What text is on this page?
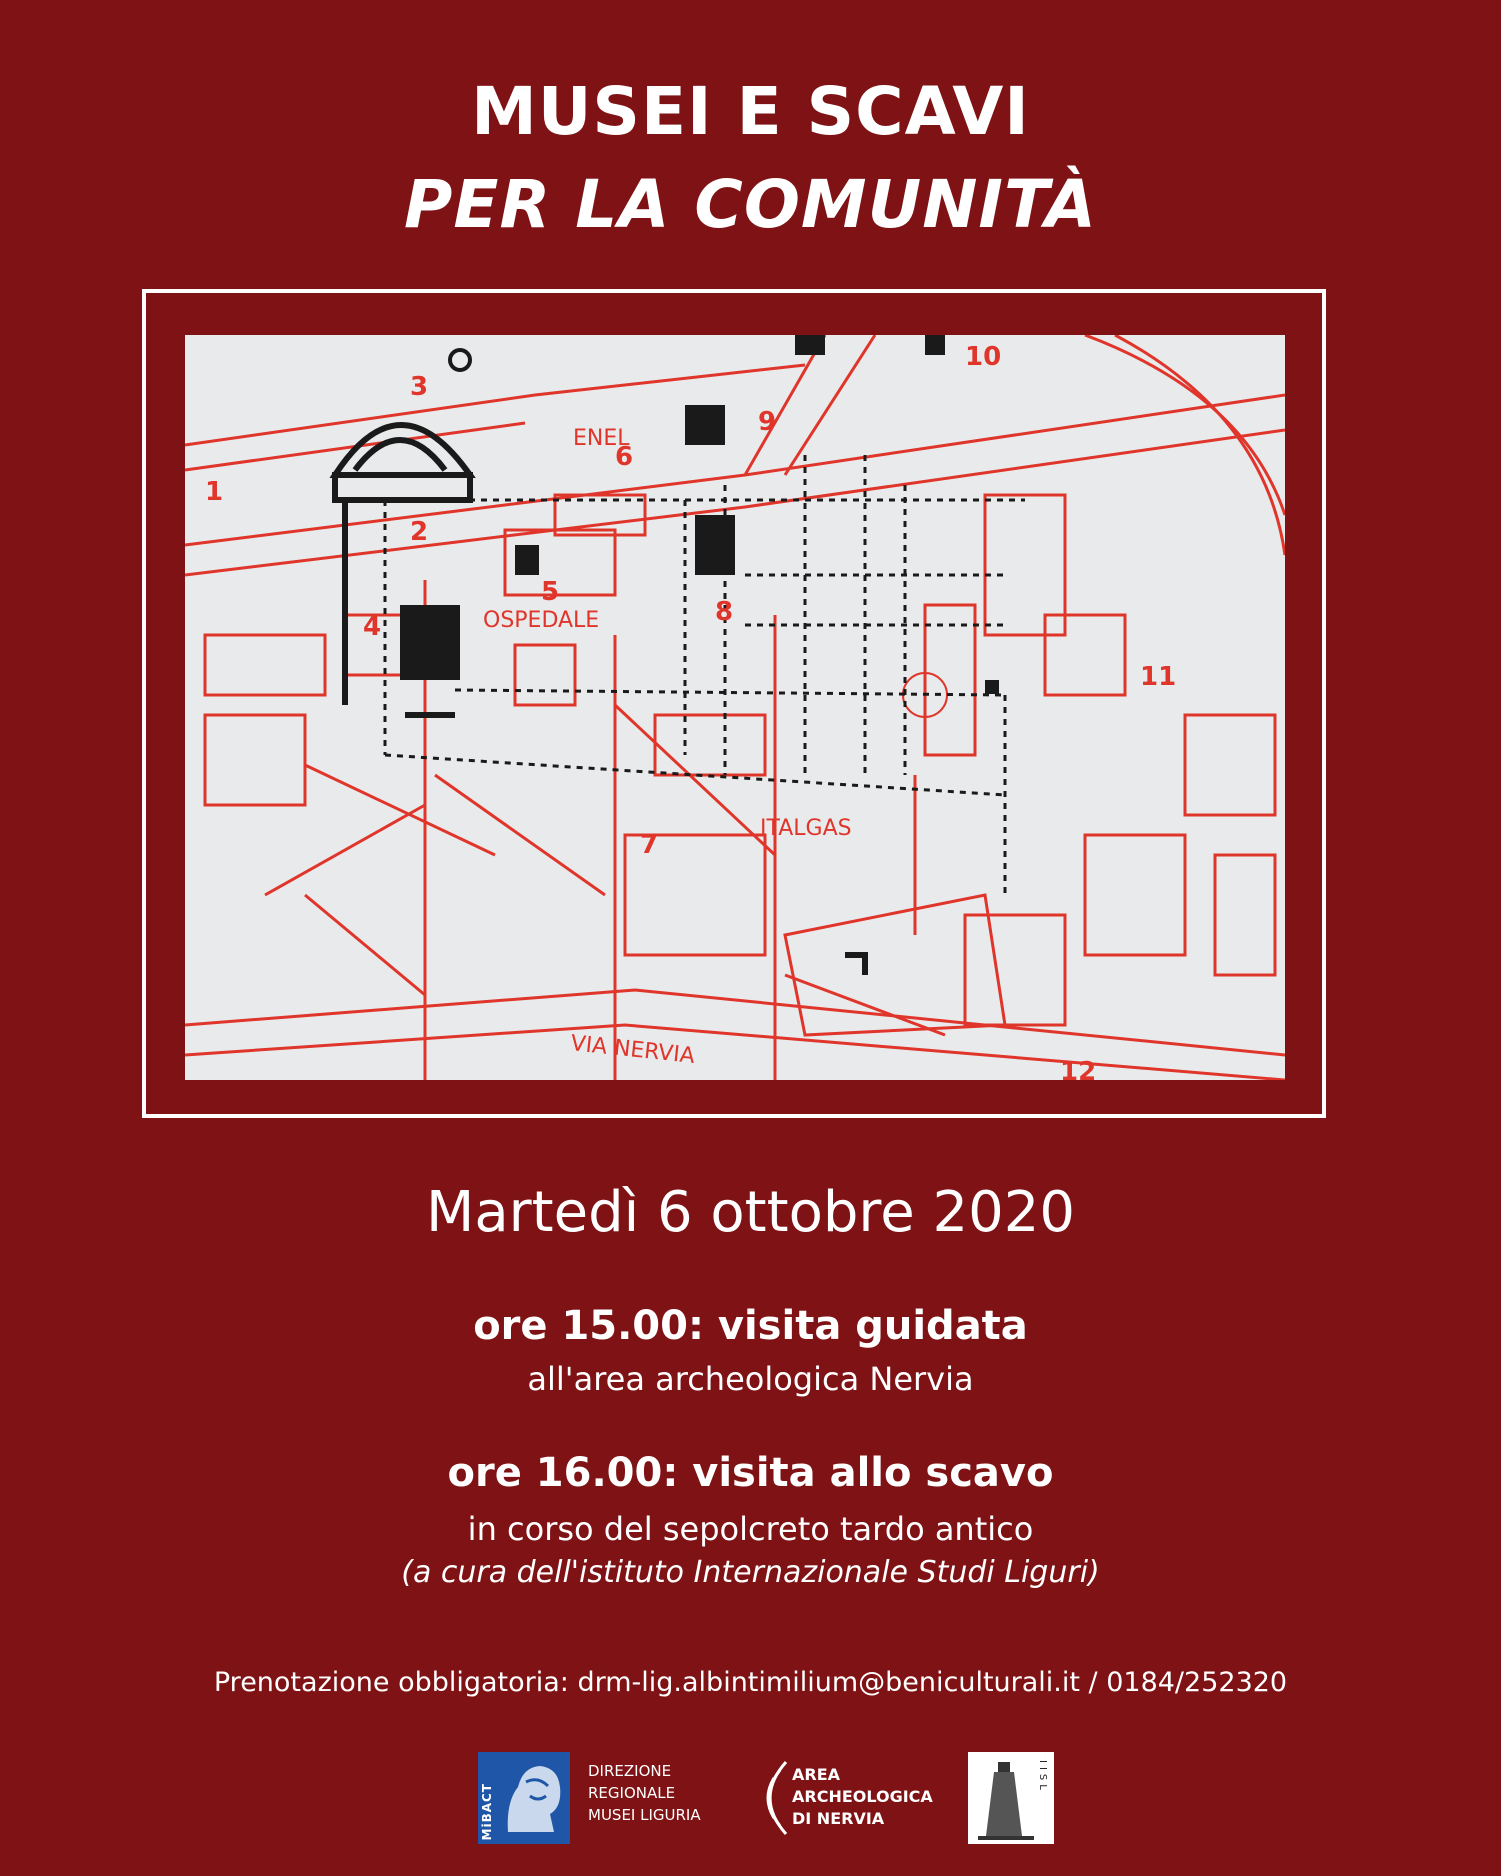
MUSEI E SCAVI
PER LA COMUNITÀ
1
2
3
4
5
6
7
8
9
10
11
12
ENEL
OSPEDALE
ITALGAS
VIA NERVIA
Martedì 6 ottobre 2020
ore 15.00: visita guidata
all'area archeologica Nervia
ore 16.00: visita allo scavo
in corso del sepolcreto tardo antico
(a cura dell'istituto Internazionale Studi Liguri)
Prenotazione obbligatoria: drm-lig.albintimilium@beniculturali.it / 0184/252320
MiBACT
DIREZIONE
REGIONALE
MUSEI LIGURIA
AREA
ARCHEOLOGICA
DI NERVIA
IISL
